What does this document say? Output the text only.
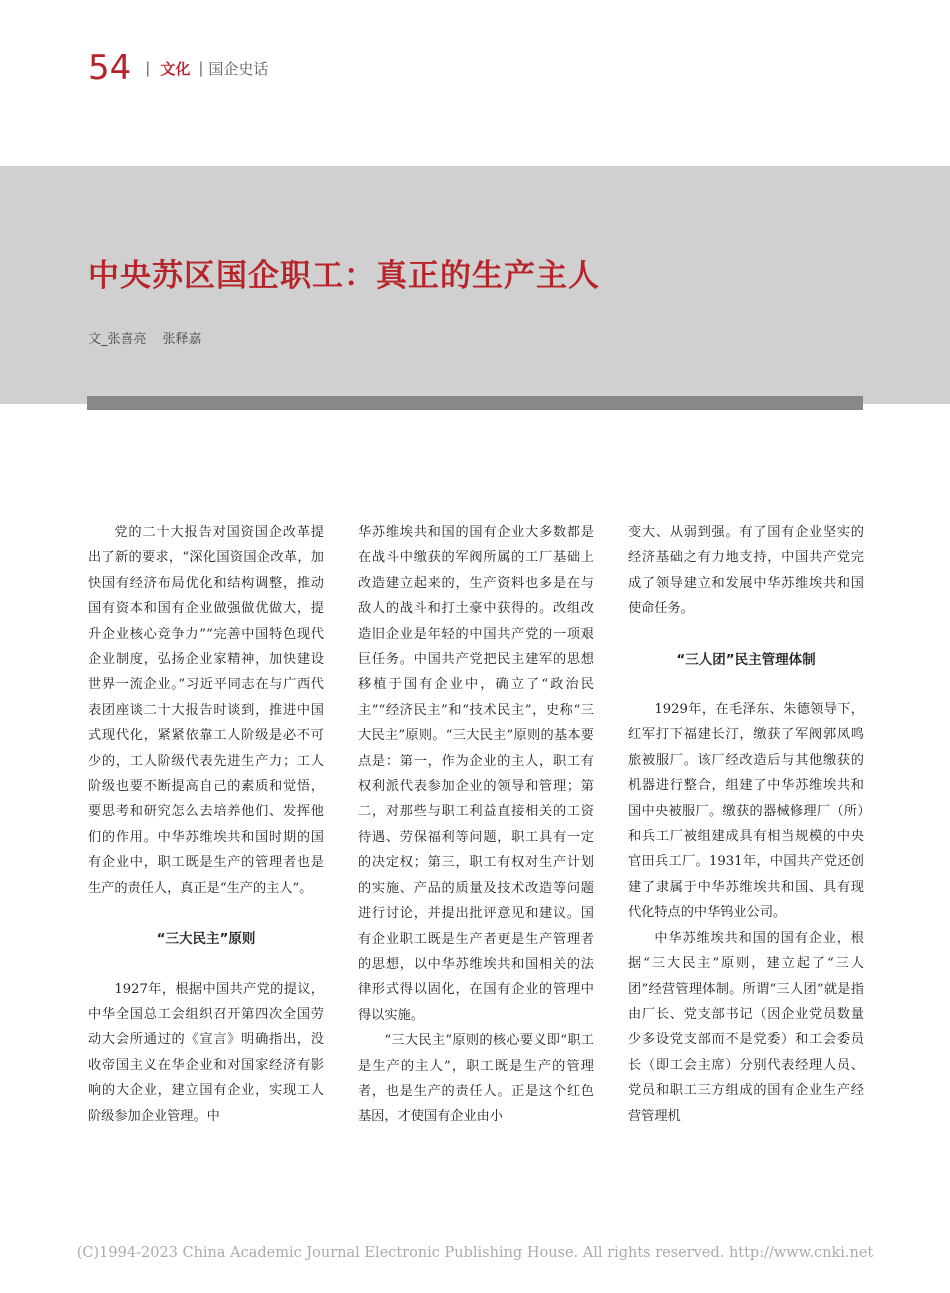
54 | 文化 | 国企史话
中央苏区国企职工：真正的生产主人
文_张喜亮 张释嘉

党的二十大报告对国资国企改革提出了新的要求，“深化国资国企改革，加快国有经济布局优化和结构调整，推动国有资本和国有企业做强做优做大，提升企业核心竞争力”“完善中国特色现代企业制度，弘扬企业家精神，加快建设世界一流企业。”习近平同志在与广西代表团座谈二十大报告时谈到，推进中国式现代化，紧紧依靠工人阶级是必不可少的，工人阶级代表先进生产力；工人阶级也要不断提高自己的素质和觉悟，要思考和研究怎么去培养他们、发挥他们的作用。中华苏维埃共和国时期的国有企业中，职工既是生产的管理者也是生产的责任人，真正是“生产的主人”。

“三大民主”原则

1927年，根据中国共产党的提议，中华全国总工会组织召开第四次全国劳动大会所通过的《宣言》明确指出，没收帝国主义在华企业和对国家经济有影响的大企业，建立国有企业，实现工人阶级参加企业管理。中

华苏维埃共和国的国有企业大多数都是在战斗中缴获的军阀所属的工厂基础上改造建立起来的，生产资料也多是在与敌人的战斗和打土豪中获得的。改组改造旧企业是年轻的中国共产党的一项艰巨任务。中国共产党把民主建军的思想移植于国有企业中，确立了“政治民主”“经济民主”和“技术民主”，史称“三大民主”原则。“三大民主”原则的基本要点是：第一，作为企业的主人，职工有权利派代表参加企业的领导和管理；第二，对那些与职工利益直接相关的工资待遇、劳保福利等问题，职工具有一定的决定权；第三，职工有权对生产计划的实施、产品的质量及技术改造等问题进行讨论，并提出批评意见和建议。国有企业职工既是生产者更是生产管理者的思想，以中华苏维埃共和国相关的法律形式得以固化，在国有企业的管理中得以实施。

“三大民主”原则的核心要义即“职工是生产的主人”，职工既是生产的管理者，也是生产的责任人。正是这个红色基因，才使国有企业由小

变大、从弱到强。有了国有企业坚实的经济基础之有力地支持，中国共产党完成了领导建立和发展中华苏维埃共和国使命任务。

“三人团”民主管理体制

1929年，在毛泽东、朱德领导下，红军打下福建长汀，缴获了军阀郭凤鸣旅被服厂。该厂经改造后与其他缴获的机器进行整合，组建了中华苏维埃共和国中央被服厂。缴获的器械修理厂（所）和兵工厂被组建成具有相当规模的中央官田兵工厂。1931年，中国共产党还创建了隶属于中华苏维埃共和国、具有现代化特点的中华钨业公司。

中华苏维埃共和国的国有企业，根据“三大民主”原则，建立起了“三人团”经营管理体制。所谓“三人团”就是指由厂长、党支部书记（因企业党员数量少多设党支部而不是党委）和工会委员长（即工会主席）分别代表经理人员、党员和职工三方组成的国有企业生产经营管理机

(C)1994-2023 China Academic Journal Electronic Publishing House. All rights reserved. http://www.cnki.net
